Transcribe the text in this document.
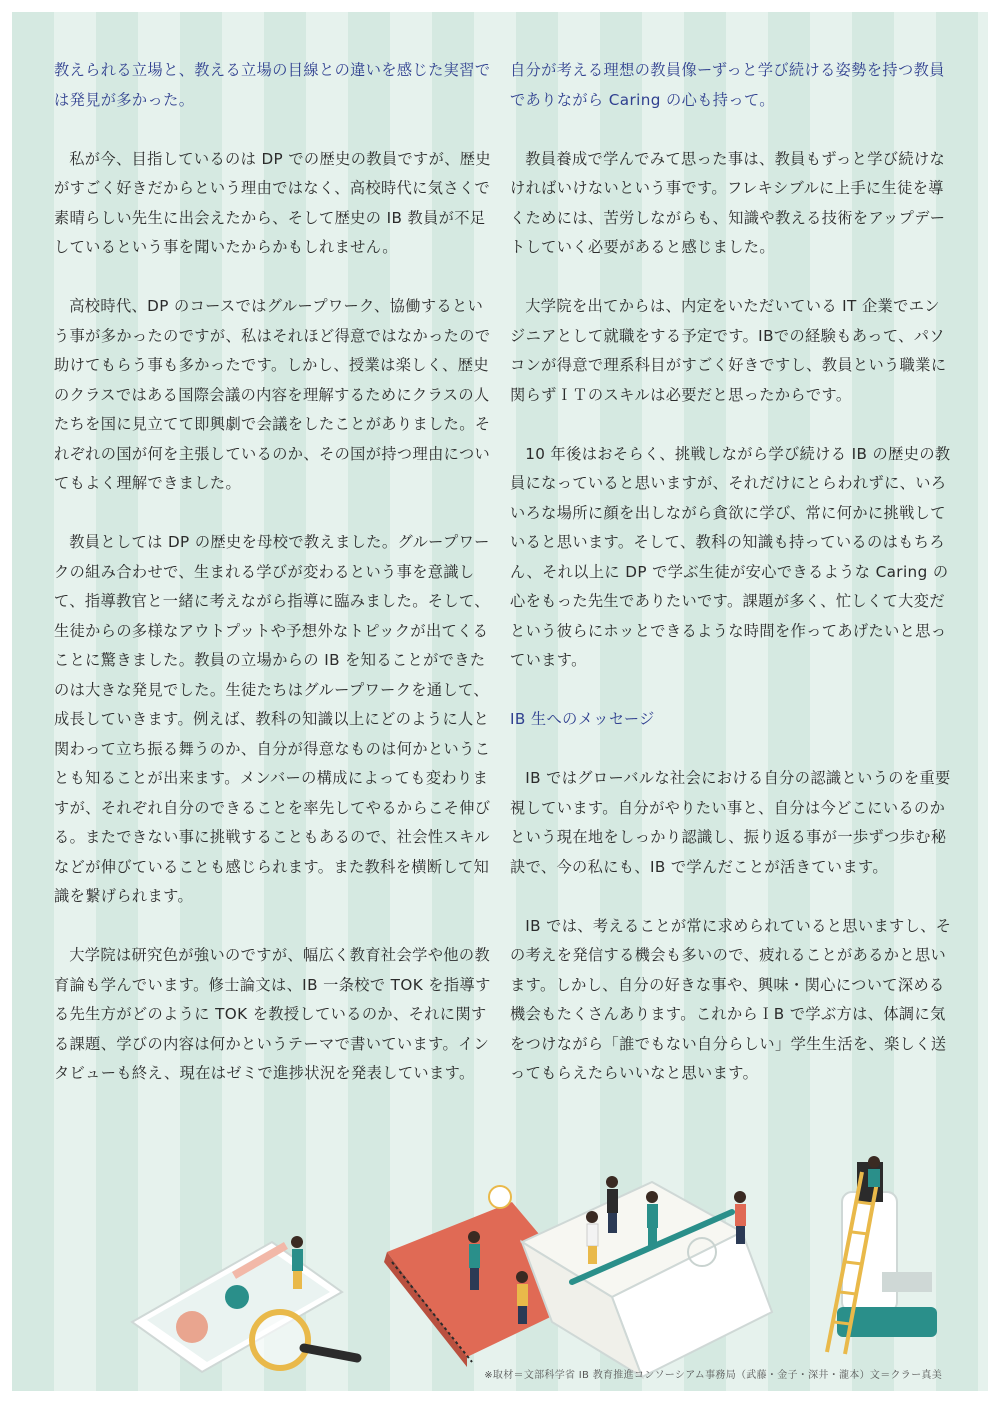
教えられる立場と、教える立場の目線との違いを感じた実習では発見が多かった。

私が今、目指しているのは DP での歴史の教員ですが、歴史がすごく好きだからという理由ではなく、高校時代に気さくで素晴らしい先生に出会えたから、そして歴史の IB 教員が不足しているという事を聞いたからかもしれません。

高校時代、DP のコースではグループワーク、協働するという事が多かったのですが、私はそれほど得意ではなかったので助けてもらう事も多かったです。しかし、授業は楽しく、歴史のクラスではある国際会議の内容を理解するためにクラスの人たちを国に見立てて即興劇で会議をしたことがありました。それぞれの国が何を主張しているのか、その国が持つ理由についてもよく理解できました。

教員としては DP の歴史を母校で教えました。グループワークの組み合わせで、生まれる学びが変わるという事を意識して、指導教官と一緒に考えながら指導に臨みました。そして、生徒からの多様なアウトプットや予想外なトピックが出てくることに驚きました。教員の立場からの IB を知ることができたのは大きな発見でした。生徒たちはグループワークを通して、成長していきます。例えば、教科の知識以上にどのように人と関わって立ち振る舞うのか、自分が得意なものは何かということも知ることが出来ます。メンバーの構成によっても変わりますが、それぞれ自分のできることを率先してやるからこそ伸びる。またできない事に挑戦することもあるので、社会性スキルなどが伸びていることも感じられます。また教科を横断して知識を繋げられます。

大学院は研究色が強いのですが、幅広く教育社会学や他の教育論も学んでいます。修士論文は、IB 一条校で TOK を指導する先生方がどのように TOK を教授しているのか、それに関する課題、学びの内容は何かというテーマで書いています。インタビューも終え、現在はゼミで進捗状況を発表しています。

自分が考える理想の教員像ーずっと学び続ける姿勢を持つ教員でありながら Caring の心も持って。

教員養成で学んでみて思った事は、教員もずっと学び続けなければいけないという事です。フレキシブルに上手に生徒を導くためには、苦労しながらも、知識や教える技術をアップデートしていく必要があると感じました。

大学院を出てからは、内定をいただいている IT 企業でエンジニアとして就職をする予定です。IBでの経験もあって、パソコンが得意で理系科目がすごく好きですし、教員という職業に関らずＩＴのスキルは必要だと思ったからです。

10 年後はおそらく、挑戦しながら学び続ける IB の歴史の教員になっていると思いますが、それだけにとらわれずに、いろいろな場所に顔を出しながら貪欲に学び、常に何かに挑戦していると思います。そして、教科の知識も持っているのはもちろん、それ以上に DP で学ぶ生徒が安心できるような Caring の心をもった先生でありたいです。課題が多く、忙しくて大変だという彼らにホッとできるような時間を作ってあげたいと思っています。

IB 生へのメッセージ

IB ではグローバルな社会における自分の認識というのを重要視しています。自分がやりたい事と、自分は今どこにいるのかという現在地をしっかり認識し、振り返る事が一歩ずつ歩む秘訣で、今の私にも、IB で学んだことが活きています。

IB では、考えることが常に求められていると思いますし、その考えを発信する機会も多いので、疲れることがあるかと思います。しかし、自分の好きな事や、興味・関心について深める機会もたくさんあります。これからＩB で学ぶ方は、体調に気をつけながら「誰でもない自分らしい」学生生活を、楽しく送ってもらえたらいいなと思います。

※取材＝文部科学省 IB 教育推進コンソーシアム事務局（武藤・金子・深井・瀧本）文＝クラー真美
